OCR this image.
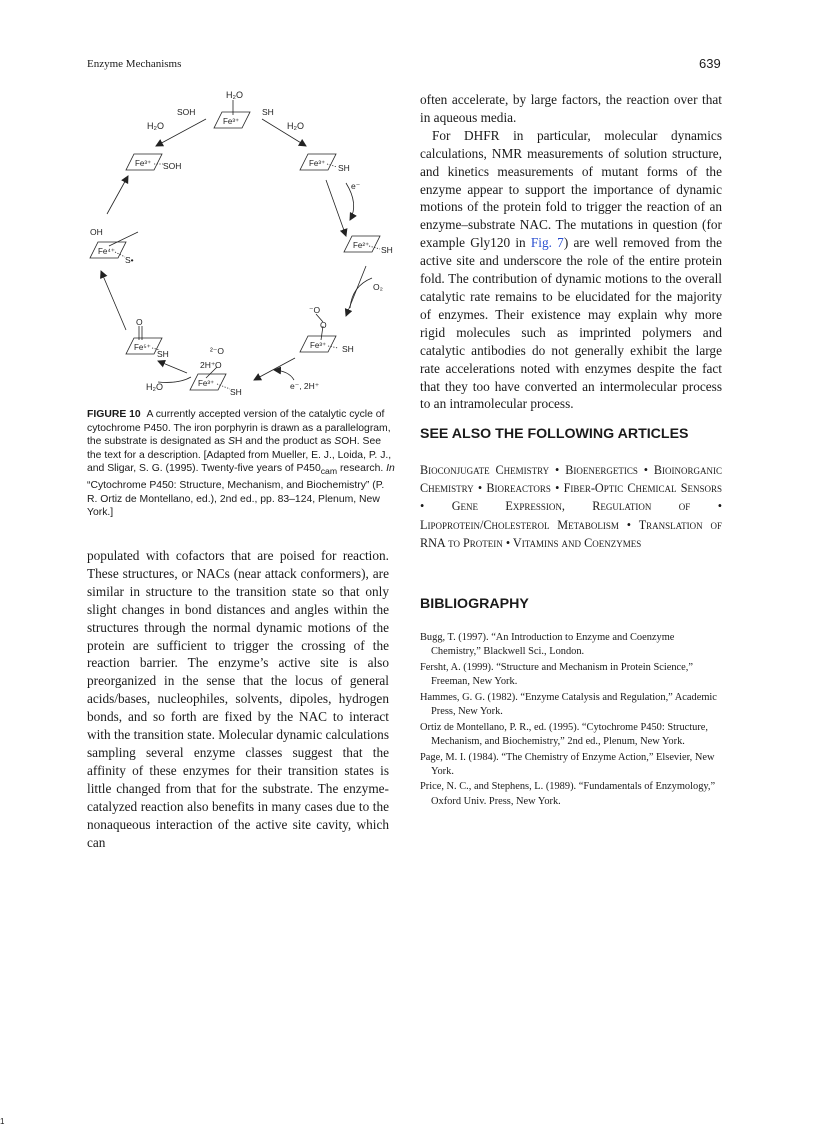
Enzyme Mechanisms	639
H₂O
SOH	SH
H₂O	H₂O
Fe³⁺
Fe³⁺ SOH	Fe³⁺ SH
e⁻
Fe²⁺ SH
OH
Fe⁴⁺
S•
O₂
⁻O
O
Fe³⁺ SH
O
Fe⁵⁺
SH	²⁻O
2H⁺ O
Fe³⁺
SH
H₂O	e⁻, 2H⁺
FIGURE 10 A currently accepted version of the catalytic cycle of cytochrome P450. The iron porphyrin is drawn as a parallelogram, the substrate is designated as SH and the product as SOH. See the text for a description. [Adapted from Mueller, E. J., Loida, P. J., and Sligar, S. G. (1995). Twenty-five years of $P450_{cam}$ research. In “Cytochrome P450: Structure, Mechanism, and Biochemistry” (P. R. Ortiz de Montellano, ed.), 2nd ed., pp. 83–124, Plenum, New York.]

populated with cofactors that are poised for reaction. These structures, or NACs (near attack conformers), are similar in structure to the transition state so that only slight changes in bond distances and angles within the structures through the normal dynamic motions of the protein are sufficient to trigger the crossing of the reaction barrier. The enzyme’s active site is also preorganized in the sense that the locus of general acids/bases, nucleophiles, solvents, dipoles, hydrogen bonds, and so forth are fixed by the NAC to interact with the transition state. Molecular dynamic calculations sampling several enzyme classes suggest that the affinity of these enzymes for their transition states is little changed from that for the substrate. The enzyme-catalyzed reaction also benefits in many cases due to the nonaqueous interaction of the active site cavity, which can

often accelerate, by large factors, the reaction over that in aqueous media.

For DHFR in particular, molecular dynamics calculations, NMR measurements of solution structure, and kinetics measurements of mutant forms of the enzyme appear to support the importance of dynamic motions of the protein fold to trigger the reaction of an enzyme–substrate NAC. The mutations in question (for example Gly120 in Fig. 7) are well removed from the active site and underscore the role of the entire protein fold. The contribution of dynamic motions to the overall catalytic rate remains to be elucidated for the majority of enzymes. Their existence may explain why more rigid molecules such as imprinted polymers and catalytic antibodies do not generally exhibit the large rate accelerations noted with enzymes despite the fact that they too have converted an intermolecular process to an intramolecular process.

SEE ALSO THE FOLLOWING ARTICLES
Bioconjugate Chemistry • Bioenergetics • Bioinorganic Chemistry • Bioreactors • Fiber-Optic Chemical Sensors • Gene Expression, Regulation of • Lipoprotein/Cholesterol Metabolism • Translation of RNA to Protein • Vitamins and Coenzymes
BIBLIOGRAPHY
Bugg, T. (1997). “An Introduction to Enzyme and Coenzyme Chemistry,” Blackwell Sci., London.
Fersht, A. (1999). “Structure and Mechanism in Protein Science,” Freeman, New York.
Hammes, G. G. (1982). “Enzyme Catalysis and Regulation,” Academic Press, New York.
Ortiz de Montellano, P. R., ed. (1995). “Cytochrome P450: Structure, Mechanism, and Biochemistry,” 2nd ed., Plenum, New York.
Page, M. I. (1984). “The Chemistry of Enzyme Action,” Elsevier, New York.
Price, N. C., and Stephens, L. (1989). “Fundamentals of Enzymology,” Oxford Univ. Press, New York.
1
